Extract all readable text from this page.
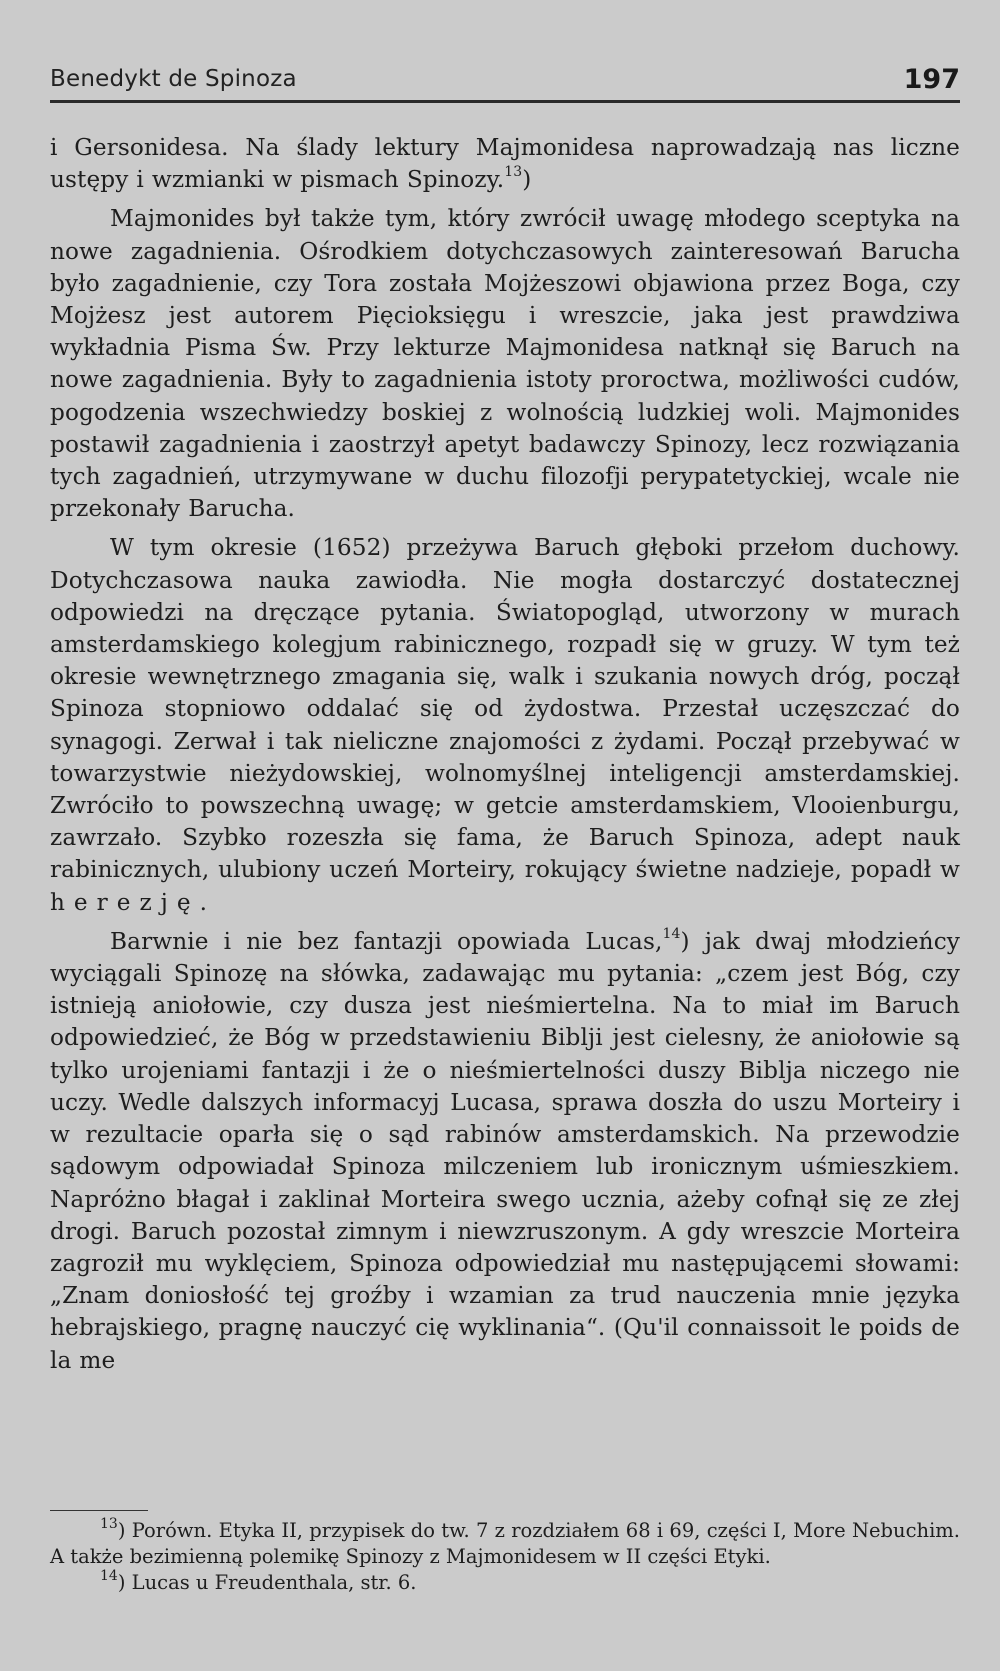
Benedykt de Spinoza	197

i Gersonidesa. Na ślady lektury Majmonidesa naprowadzają nas liczne ustępy i wzmianki w pismach Spinozy.$^{13}$)

Majmonides był także tym, który zwrócił uwagę młodego sceptyka na nowe zagadnienia. Ośrodkiem dotychczasowych zainteresowań Barucha było zagadnienie, czy Tora została Mojżeszowi objawiona przez Boga, czy Mojżesz jest autorem Pięcioksięgu i wreszcie, jaka jest prawdziwa wykładnia Pisma Św. Przy lekturze Majmonidesa natknął się Baruch na nowe zagadnienia. Były to zagadnienia istoty proroctwa, możliwości cudów, pogodzenia wszechwiedzy boskiej z wolnością ludzkiej woli. Majmonides postawił zagadnienia i zaostrzył apetyt badawczy Spinozy, lecz rozwiązania tych zagadnień, utrzymywane w duchu filozofji perypatetyckiej, wcale nie przekonały Barucha.

W tym okresie (1652) przeżywa Baruch głęboki przełom duchowy. Dotychczasowa nauka zawiodła. Nie mogła dostarczyć dostatecznej odpowiedzi na dręczące pytania. Światopogląd, utworzony w murach amsterdamskiego kolegjum rabinicznego, rozpadł się w gruzy. W tym też okresie wewnętrznego zmagania się, walk i szukania nowych dróg, począł Spinoza stopniowo oddalać się od żydostwa. Przestał uczęszczać do synagogi. Zerwał i tak nieliczne znajomości z żydami. Począł przebywać w towarzystwie nieżydowskiej, wolnomyślnej inteligencji amsterdamskiej. Zwróciło to powszechną uwagę; w getcie amsterdamskiem, Vlooienburgu, zawrzało. Szybko rozeszła się fama, że Baruch Spinoza, adept nauk rabinicznych, ulubiony uczeń Morteiry, rokujący świetne nadzieje, popadł w herezję.

Barwnie i nie bez fantazji opowiada Lucas,$^{14}$) jak dwaj młodzieńcy wyciągali Spinozę na słówka, zadawając mu pytania: „czem jest Bóg, czy istnieją aniołowie, czy dusza jest nieśmiertelna. Na to miał im Baruch odpowiedzieć, że Bóg w przedstawieniu Biblji jest cielesny, że aniołowie są tylko urojeniami fantazji i że o nieśmiertelności duszy Biblja niczego nie uczy. Wedle dalszych informacyj Lucasa, sprawa doszła do uszu Morteiry i w rezultacie oparła się o sąd rabinów amsterdamskich. Na przewodzie sądowym odpowiadał Spinoza milczeniem lub ironicznym uśmieszkiem. Napróżno błagał i zaklinał Morteira swego ucznia, ażeby cofnął się ze złej drogi. Baruch pozostał zimnym i niewzruszonym. A gdy wreszcie Morteira zagroził mu wyklęciem, Spinoza odpowiedział mu następującemi słowami: „Znam doniosłość tej groźby i wzamian za trud nauczenia mnie języka hebrajskiego, pragnę nauczyć cię wyklinania“. (Qu'il connaissoit le poids de la me

$^{13}$) Porówn. Etyka II, przypisek do tw. 7 z rozdziałem 68 i 69, części I, More Nebuchim. A także bezimienną polemikę Spinozy z Majmonidesem w II części Etyki.

$^{14}$) Lucas u Freudenthala, str. 6.
